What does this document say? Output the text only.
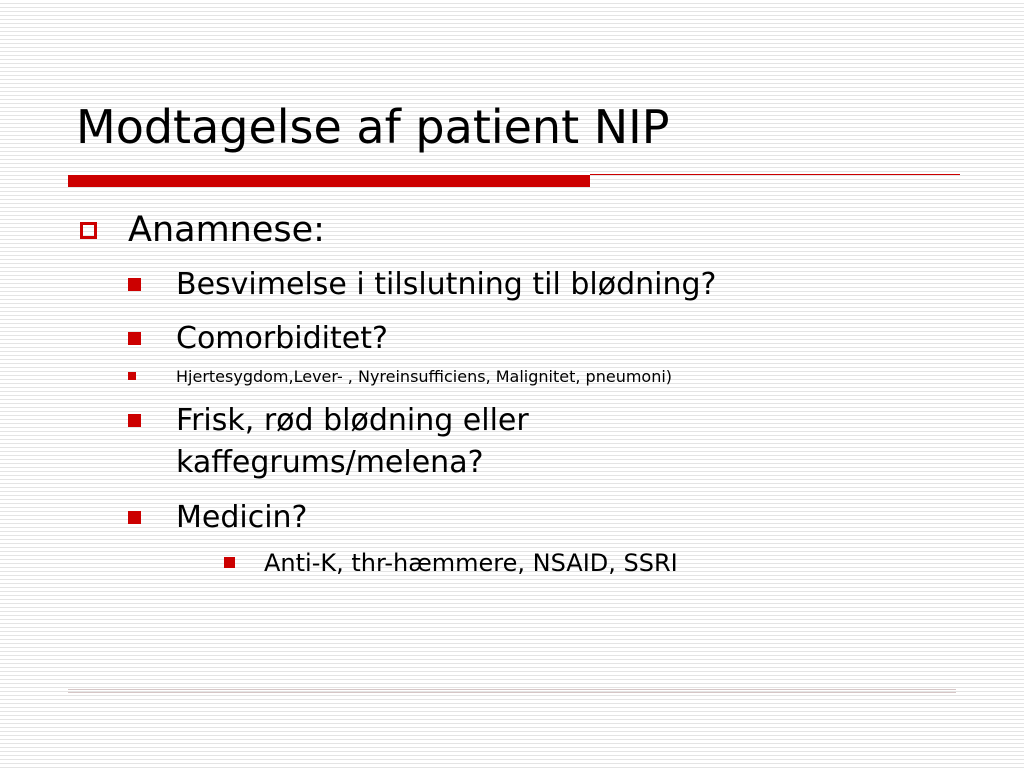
Modtagelse af patient NIP
Anamnese:
Besvimelse i tilslutning til blødning?
Comorbiditet?
Hjertesygdom,Lever- , Nyreinsufficiens, Malignitet, pneumoni)
Frisk, rød blødning eller kaffegrums/melena?
Medicin?
Anti-K, thr-hæmmere, NSAID, SSRI
